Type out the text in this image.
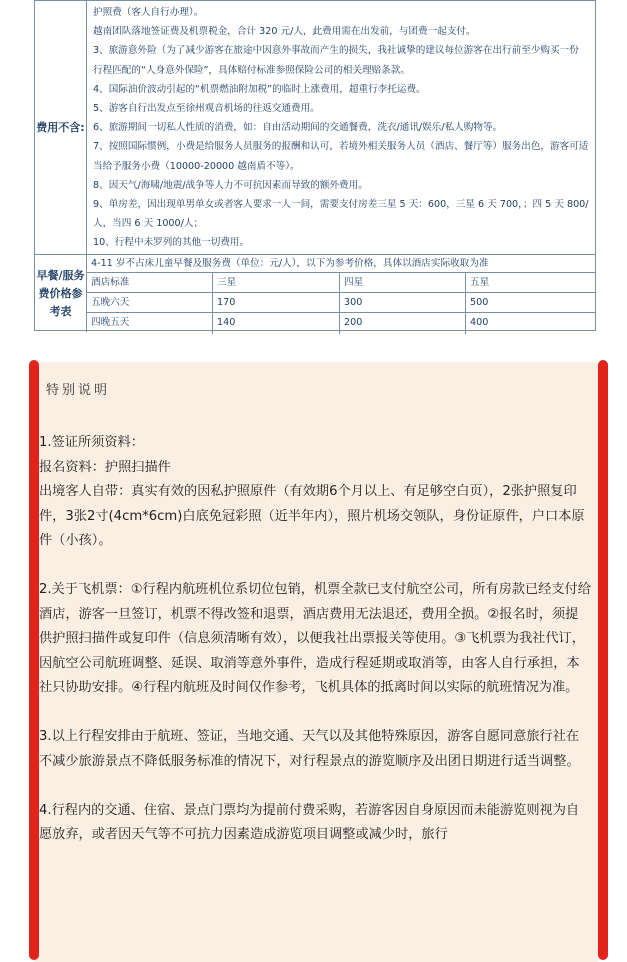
费用不含:

护照费（客人自行办理）。

越南团队落地签证费及机票税金，合计 320 元/人，此费用需在出发前，与团费一起支付。

3、旅游意外险（为了减少游客在旅途中因意外事故而产生的损失，我社诚挚的建议每位游客在出行前至少购买一份

行程匹配的“人身意外保险”，具体赔付标准参照保险公司的相关理赔条款。

4、国际油价波动引起的“机票燃油附加税”的临时上涨费用，超重行李托运费。

5、游客自行出发点至徐州观音机场的往返交通费用。

6、旅游期间一切私人性质的消费，如：自由活动期间的交通餐费，洗衣/通讯/娱乐/私人购物等。

7、按照国际惯例，小费是给服务人员服务的报酬和认可，若境外相关服务人员（酒店、餐厅等）服务出色，游客可适

当给予服务小费（10000-20000 越南盾不等）。

8、因天气/海啸/地震/战争等人力不可抗因素而导致的额外费用。

9、单房差，因出现单男单女或者客人要求一人一间，需要支付房差三星 5 天：600，三星 6 天 700，；四 5 天 800/

人，当四 6 天 1000/人；

10、行程中未罗列的其他一切费用。

早餐/服务费价格参考表
4-11 岁不占床儿童早餐及服务费（单位：元/人），以下为参考价格，具体以酒店实际收取为准
酒店标准	三星	四星	五星
五晚六天	170	300	500
四晚五天	140	200	400
特别说明

1.签证所须资料：

报名资料：护照扫描件

出境客人自带：真实有效的因私护照原件（有效期6个月以上、有足够空白页），2张护照复印件，3张2寸(4cm*6cm)白底免冠彩照（近半年内），照片机场交领队，身份证原件，户口本原件（小孩）。

2.关于飞机票：①行程内航班机位系切位包销，机票全款已支付航空公司，所有房款已经支付给酒店，游客一旦签订，机票不得改签和退票，酒店费用无法退还，费用全损。②报名时，须提供护照扫描件或复印件（信息须清晰有效），以便我社出票报关等使用。③飞机票为我社代订，因航空公司航班调整、延误、取消等意外事件，造成行程延期或取消等，由客人自行承担，本社只协助安排。④行程内航班及时间仅作参考，飞机具体的抵离时间以实际的航班情况为准。

3.以上行程安排由于航班、签证，当地交通、天气以及其他特殊原因，游客自愿同意旅行社在不减少旅游景点不降低服务标准的情况下，对行程景点的游览顺序及出团日期进行适当调整。

4.行程内的交通、住宿、景点门票均为提前付费采购，若游客因自身原因而未能游览则视为自愿放弃，或者因天气等不可抗力因素造成游览项目调整或减少时，旅行
